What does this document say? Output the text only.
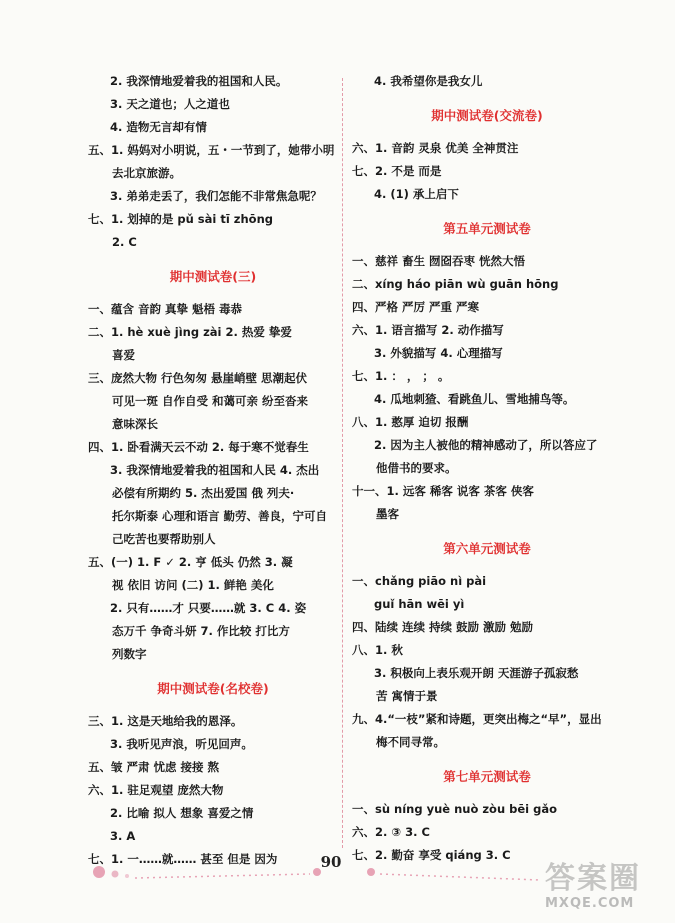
2. 我深情地爱着我的祖国和人民。
3. 天之道也；人之道也
4. 造物无言却有情
五、1. 妈妈对小明说，五・一节到了，她带小明
去北京旅游。
3. 弟弟走丢了，我们怎能不非常焦急呢？
七、1. 划掉的是 pǔ sài tī zhōng
2. C
期中测试卷(三)
一、蕴含 音韵 真挚 魁梧 毒恭
二、1. hè xuè jìng zài 2. 热爱 挚爱
喜爱
三、庞然大物 行色匆匆 悬崖峭壁 思潮起伏
可见一斑 自作自受 和蔼可亲 纷至沓来
意味深长
四、1. 卧看满天云不动 2. 每于寒不觉春生
3. 我深情地爱着我的祖国和人民 4. 杰出
必偿有所期约 5. 杰出爱国 俄 列夫·
托尔斯泰 心理和语言 勤劳、善良，宁可自
己吃苦也要帮助别人
五、(一) 1. F ✓ 2. 亨 低头 仍然 3. 凝
视 依旧 访问 (二) 1. 鲜艳 美化
2. 只有……才 只要……就 3. C 4. 姿
态万千 争奇斗妍 7. 作比较 打比方
列数字
期中测试卷(名校卷)
三、1. 这是天地给我的恩泽。
3. 我听见声浪，听见回声。
五、皱 严肃 忧虑 接接 熬
六、1. 驻足观望 庞然大物
2. 比喻 拟人 想象 喜爱之情
3. A
七、1. 一……就…… 甚至 但是 因为
4. 我希望你是我女儿
期中测试卷(交流卷)
六、1. 音韵 灵泉 优美 全神贯注
七、2. 不是 而是
4. (1) 承上启下
第五单元测试卷
一、慈祥 畜生 囫囵吞枣 恍然大悟
二、xíng háo piān wù guān hōng
四、严格 严厉 严重 严寒
六、1. 语言描写 2. 动作描写
3. 外貌描写 4. 心理描写
七、1. ： ， ； 。
4. 瓜地刺猹、看跳鱼儿、雪地捕鸟等。
八、1. 憨厚 迫切 报酬
2. 因为主人被他的精神感动了，所以答应了
他借书的要求。
十一、1. 远客 稀客 说客 茶客 侠客
墨客
第六单元测试卷
一、chǎng piāo nì pài
guǐ hān wēi yì
四、陆续 连续 持续 鼓励 激励 勉励
八、1. 秋
3. 积极向上表乐观开朗 天涯游子孤寂愁
苦 寓情于景
九、4.“一枝”紧和诗题，更突出梅之“早”，显出
梅不同寻常。
第七单元测试卷
一、sù níng yuè nuò zòu bēi gǎo
六、2. ③ 3. C
七、2. 勤奋 享受 qiáng 3. C
90	答案圈
MXQE.COM
